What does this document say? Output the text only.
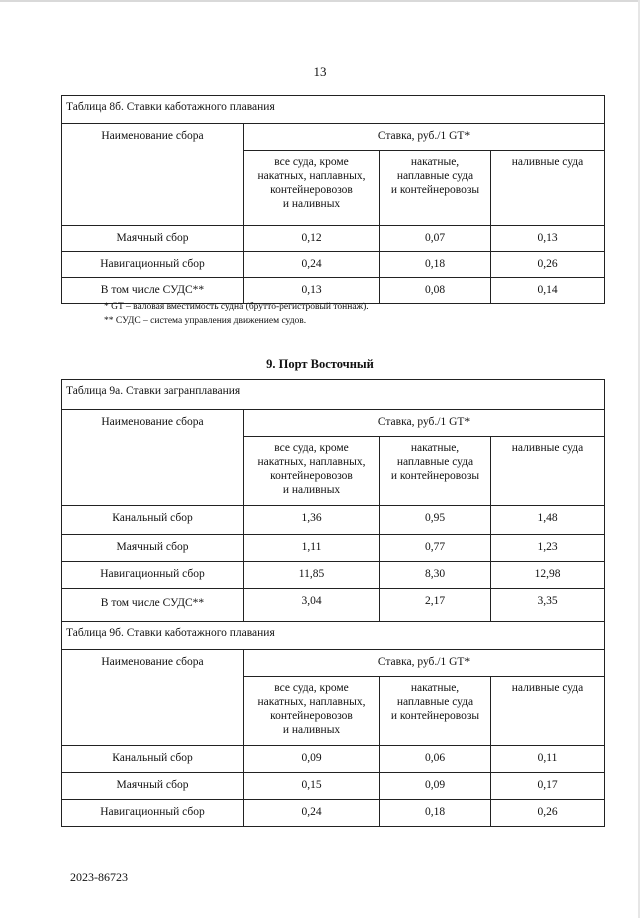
13
Таблица 8б. Ставки каботажного плавания			
Наименование сбора	Ставка, руб./1 GT*		
	все суда, кроме
накатных, наплавных,
контейнеровозов
и наливных	накатные,
наплавные суда
и контейнеровозы	наливные суда
Маячный сбор	0,12	0,07	0,13
Навигационный сбор	0,24	0,18	0,26
В том числе СУДС**	0,13	0,08	0,14
* GT – валовая вместимость судна (брутто-регистровый тоннаж).
** СУДС – система управления движением судов.
9. Порт Восточный
Таблица 9а. Ставки загранплавания			
Наименование сбора	Ставка, руб./1 GT*		
	все суда, кроме
накатных, наплавных,
контейнеровозов
и наливных	накатные,
наплавные суда
и контейнеровозы	наливные суда
Канальный сбор	1,36	0,95	1,48
Маячный сбор	1,11	0,77	1,23
Навигационный сбор	11,85	8,30	12,98
В том числе СУДС**	3,04	2,17	3,35
Таблица 9б. Ставки каботажного плавания			
Наименование сбора	Ставка, руб./1 GT*		
	все суда, кроме
накатных, наплавных,
контейнеровозов
и наливных	накатные,
наплавные суда
и контейнеровозы	наливные суда
Канальный сбор	0,09	0,06	0,11
Маячный сбор	0,15	0,09	0,17
Навигационный сбор	0,24	0,18	0,26
2023-86723
